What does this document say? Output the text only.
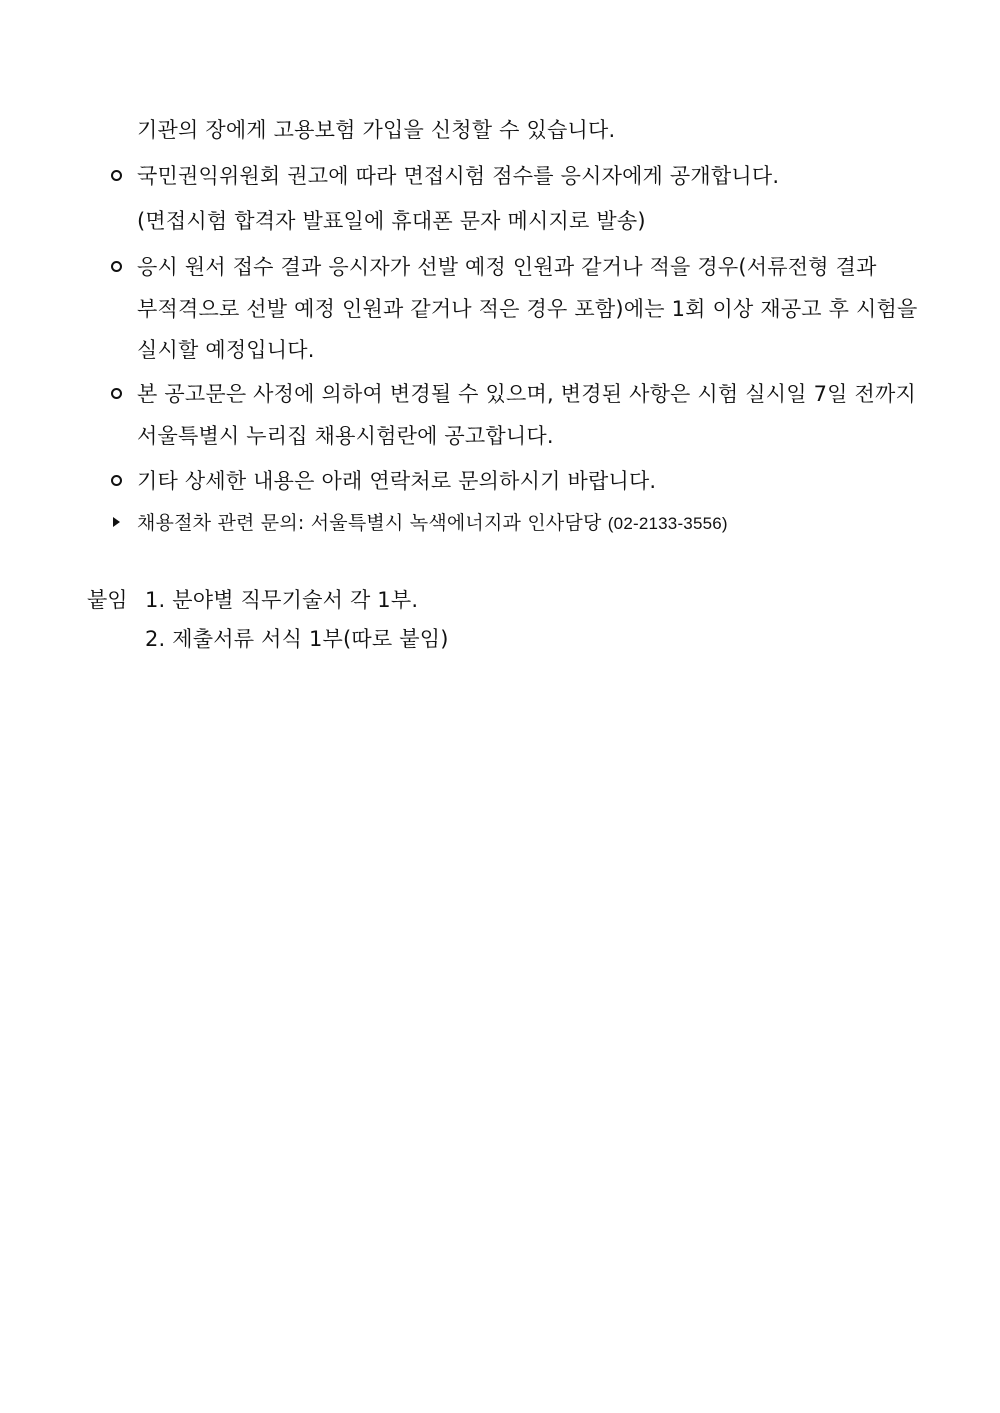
기관의 장에게 고용보험 가입을 신청할 수 있습니다.
국민권익위원회 권고에 따라 면접시험 점수를 응시자에게 공개합니다.
(면접시험 합격자 발표일에 휴대폰 문자 메시지로 발송)
응시 원서 접수 결과 응시자가 선발 예정 인원과 같거나 적을 경우(서류전형 결과
부적격으로 선발 예정 인원과 같거나 적은 경우 포함)에는 1회 이상 재공고 후 시험을
실시할 예정입니다.
본 공고문은 사정에 의하여 변경될 수 있으며, 변경된 사항은 시험 실시일 7일 전까지
서울특별시 누리집 채용시험란에 공고합니다.
기타 상세한 내용은 아래 연락처로 문의하시기 바랍니다.
채용절차 관련 문의: 서울특별시 녹색에너지과 인사담당 (02-2133-3556)
붙임 1. 분야별 직무기술서 각 1부.
2. 제출서류 서식 1부(따로 붙임)
